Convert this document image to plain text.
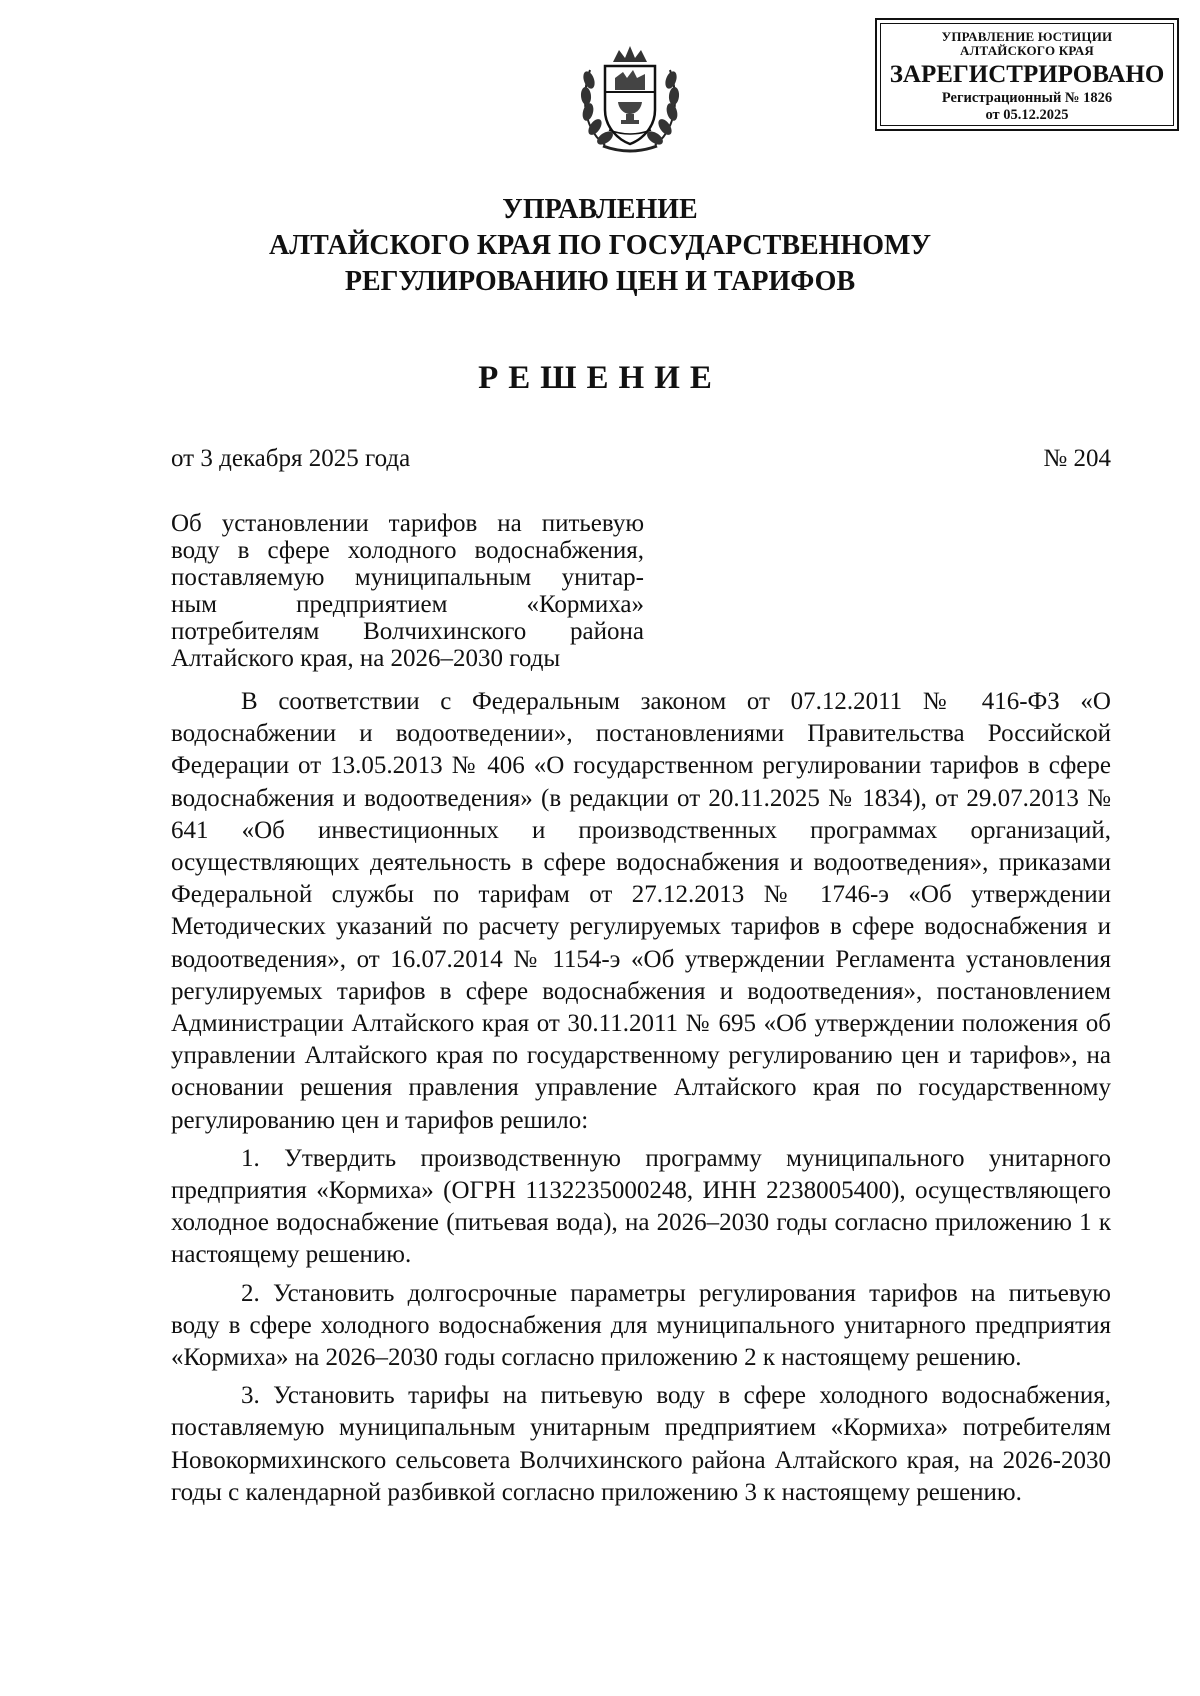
УПРАВЛЕНИЕ ЮСТИЦИИ
АЛТАЙСКОГО КРАЯ
ЗАРЕГИСТРИРОВАНО
Регистрационный № 1826
от 05.12.2025
УПРАВЛЕНИЕ
АЛТАЙСКОГО КРАЯ ПО ГОСУДАРСТВЕННОМУ
РЕГУЛИРОВАНИЮ ЦЕН И ТАРИФОВ
РЕШЕНИЕ
от 3 декабря 2025 года	№ 204
Об установлении тарифов на питьевую
воду в сфере холодного водоснабжения,
поставляемую муниципальным унитар-
ным предприятием «Кормиха»
потребителям Волчихинского района
Алтайского края, на 2026–2030 годы

В соответствии с Федеральным законом от 07.12.2011 № 416-ФЗ «О водоснабжении и водоотведении», постановлениями Правительства Российской Федерации от 13.05.2013 № 406 «О государственном регулировании тарифов в сфере водоснабжения и водоотведения» (в редакции от 20.11.2025 № 1834), от 29.07.2013 № 641 «Об инвестиционных и производственных программах организаций, осуществляющих деятельность в сфере водоснабжения и водоотведения», приказами Федеральной службы по тарифам от 27.12.2013 № 1746-э «Об утверждении Методических указаний по расчету регулируемых тарифов в сфере водоснабжения и водоотведения», от 16.07.2014 № 1154-э «Об утверждении Регламента установления регулируемых тарифов в сфере водоснабжения и водоотведения», постановлением Администрации Алтайского края от 30.11.2011 № 695 «Об утверждении положения об управлении Алтайского края по государственному регулированию цен и тарифов», на основании решения правления управление Алтайского края по государственному регулированию цен и тарифов решило:

1. Утвердить производственную программу муниципального унитарного предприятия «Кормиха» (ОГРН 1132235000248, ИНН 2238005400), осуществляющего холодное водоснабжение (питьевая вода), на 2026–2030 годы согласно приложению 1 к настоящему решению.

2. Установить долгосрочные параметры регулирования тарифов на питьевую воду в сфере холодного водоснабжения для муниципального унитарного предприятия «Кормиха» на 2026–2030 годы согласно приложению 2 к настоящему решению.

3. Установить тарифы на питьевую воду в сфере холодного водоснабжения, поставляемую муниципальным унитарным предприятием «Кормиха» потребителям Новокормихинского сельсовета Волчихинского района Алтайского края, на 2026-2030 годы с календарной разбивкой согласно приложению 3 к настоящему решению.
